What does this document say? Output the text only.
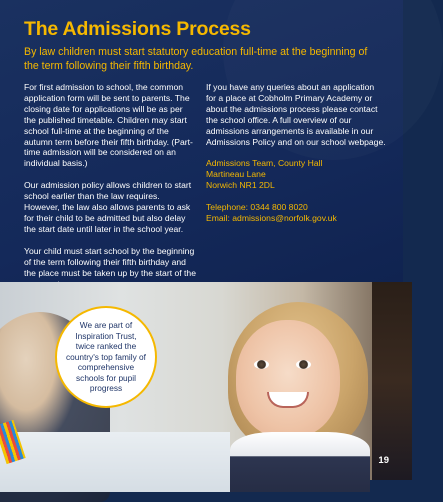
The Admissions Process

By law children must start statutory education full-time at the beginning of the term following their fifth birthday.

For first admission to school, the common application form will be sent to parents. The closing date for applications will be as per the published timetable. Children may start school full-time at the beginning of the autumn term before their fifth birthday. (Part-time admission will be considered on an individual basis.)

Our admission policy allows children to start school earlier than the law requires. However, the law also allows parents to ask for their child to be admitted but also delay the start date until later in the school year.

Your child must start school by the beginning of the term following their fifth birthday and the place must be taken up by the start of the

If you have any queries about an application for a place at Cobholm Primary Academy or about the admissions process please contact the school office. A full overview of our admissions arrangements is available in our Admissions Policy and on our school webpage.

Admissions Team, County Hall
Martineau Lane
Norwich NR1 2DL

Telephone: 0344 800 8020
Email: admissions@norfolk.gov.uk

We are part of Inspiration Trust, twice ranked the country's top family of comprehensive schools for pupil progress
19
